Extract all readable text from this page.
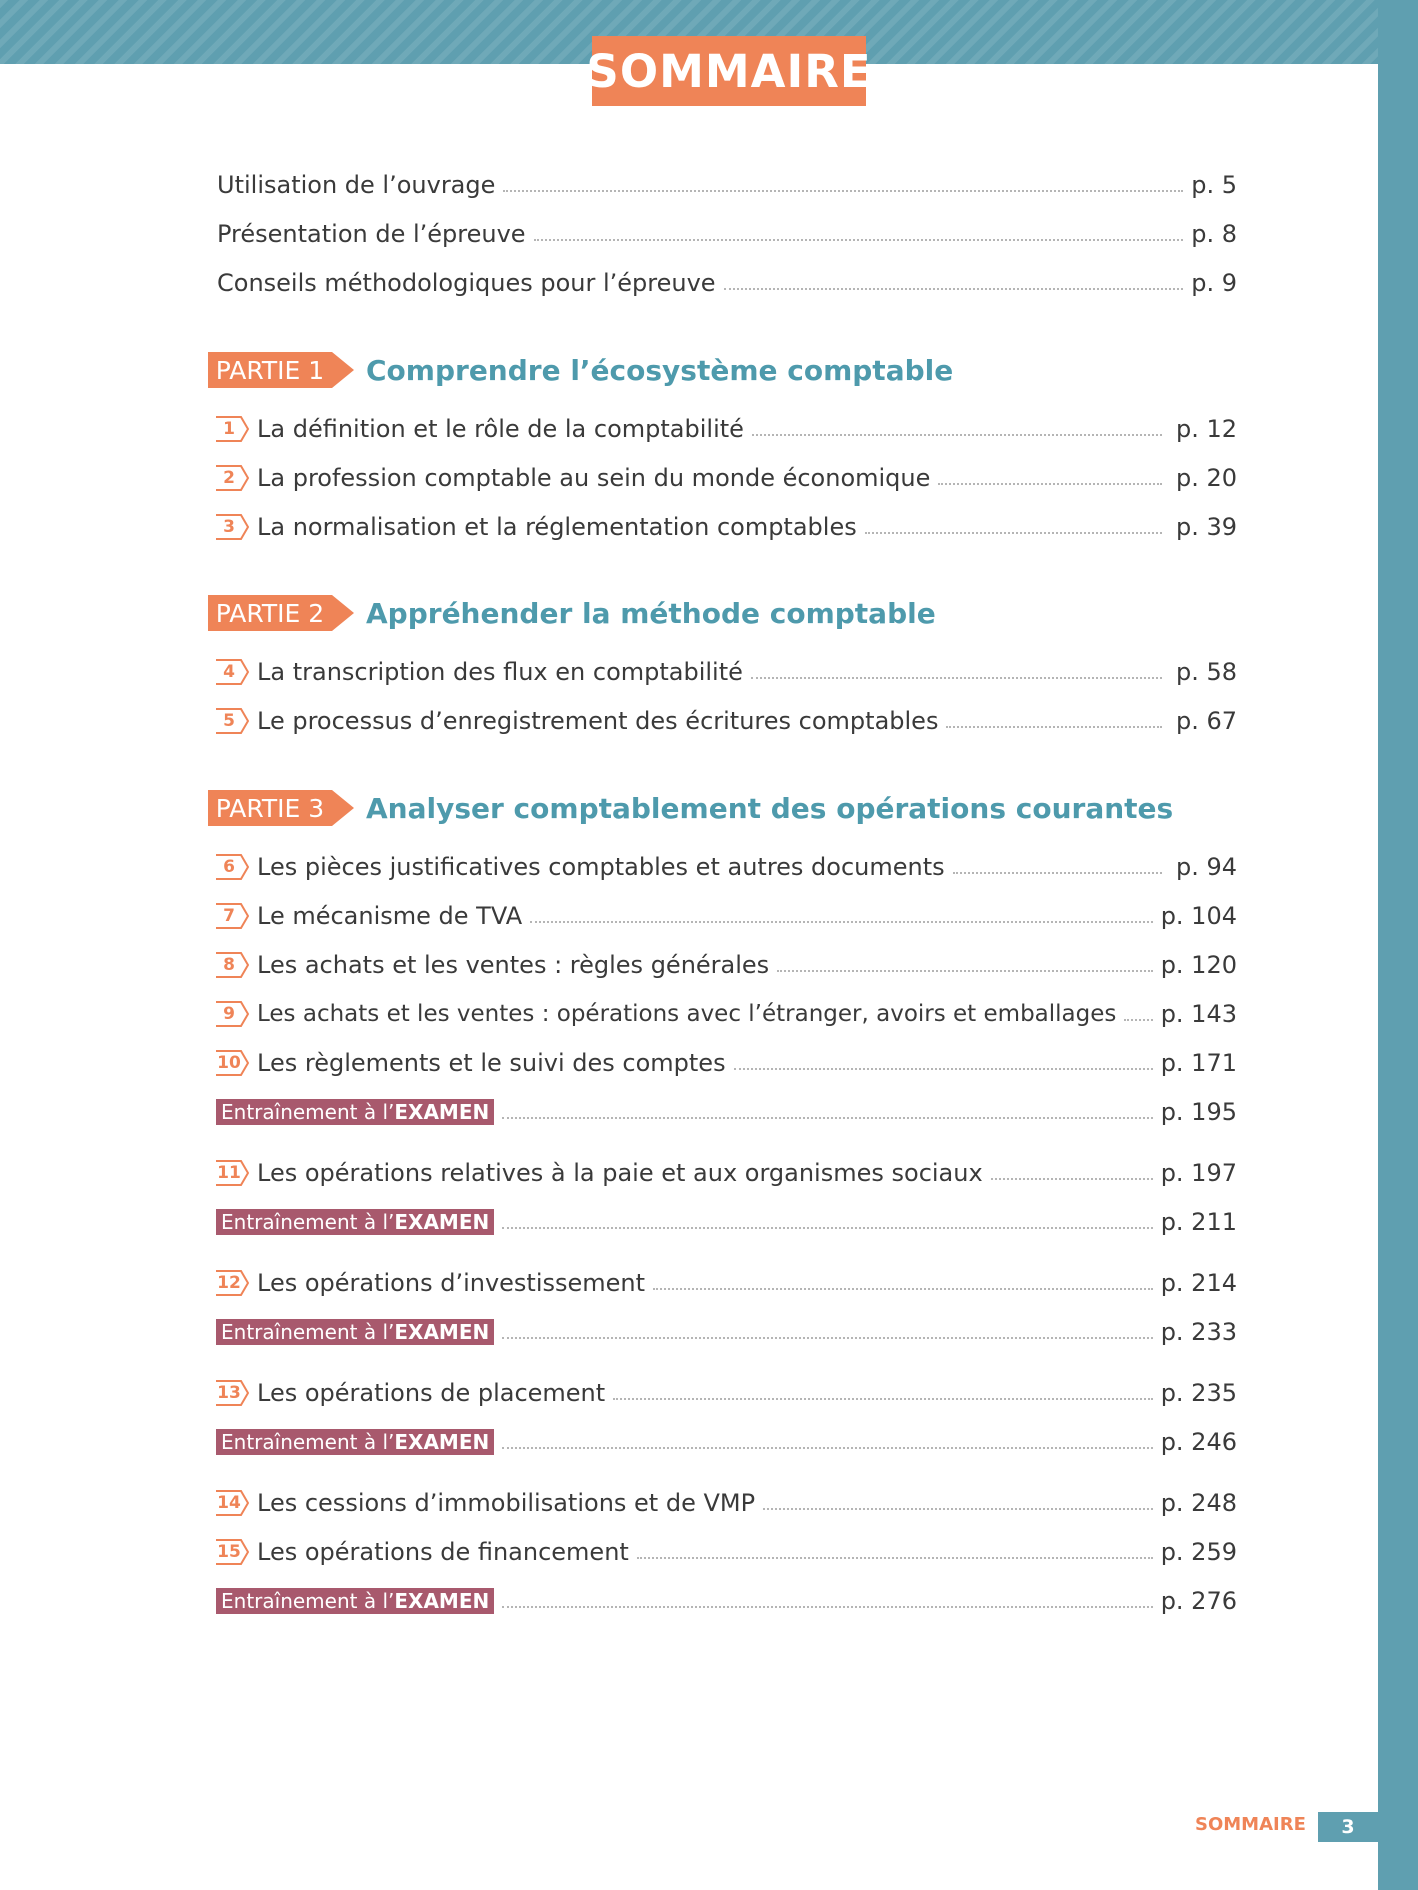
SOMMAIRE
Utilisation de l’ouvrage	p. 5
Présentation de l’épreuve	p. 8
Conseils méthodologiques pour l’épreuve	p. 9
PARTIE 1 Comprendre l’écosystème comptable
1 La définition et le rôle de la comptabilité	p. 12
2 La profession comptable au sein du monde économique	p. 20
3 La normalisation et la réglementation comptables	p. 39
PARTIE 2 Appréhender la méthode comptable
4 La transcription des flux en comptabilité	p. 58
5 Le processus d’enregistrement des écritures comptables	p. 67
PARTIE 3 Analyser comptablement des opérations courantes
6 Les pièces justificatives comptables et autres documents	p. 94
7 Le mécanisme de TVA	p. 104
8 Les achats et les ventes : règles générales	p. 120
9 Les achats et les ventes : opérations avec l’étranger, avoirs et emballages p. 143
10 Les règlements et le suivi des comptes	p. 171
Entraînement à l’EXAMEN	p. 195
11 Les opérations relatives à la paie et aux organismes sociaux	p. 197
Entraînement à l’EXAMEN	p. 211
12 Les opérations d’investissement	p. 214
Entraînement à l’EXAMEN	p. 233
13 Les opérations de placement	p. 235
Entraînement à l’EXAMEN	p. 246
14 Les cessions d’immobilisations et de VMP	p. 248
15 Les opérations de financement	p. 259
Entraînement à l’EXAMEN	p. 276
SOMMAIRE	3
